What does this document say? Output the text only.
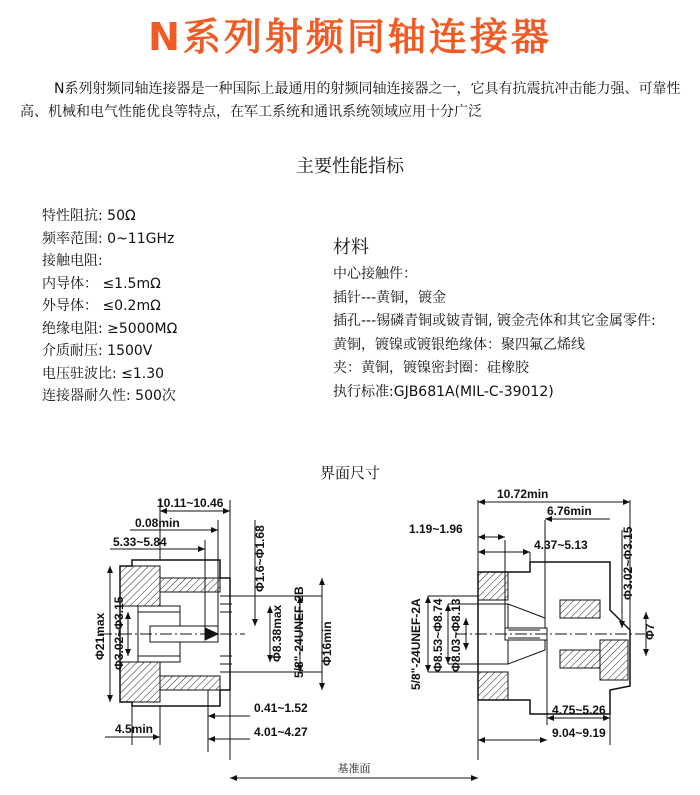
N系列射频同轴连接器
N系列射频同轴连接器是一种国际上最通用的射频同轴连接器之一，它具有抗震抗冲击能力强、可靠性高、机械和电气性能优良等特点，在军工系统和通讯系统领域应用十分广泛
主要性能指标
特性阻抗: 50Ω
频率范围: 0~11GHz
接触电阻:
内导体： ≤1.5mΩ
外导体： ≤0.2mΩ
绝缘电阻: ≥5000MΩ
介质耐压: 1500V
电压驻波比: ≤1.30
连接器耐久性: 500次
材料
中心接触件：
插针---黄铜，镀金
插孔---锡磷青铜或铍青铜, 镀金壳体和其它金属零件:
黄铜，镀镍或镀银绝缘体：聚四氟乙烯线
夹：黄铜，镀镍密封圈：硅橡胶
执行标准:GJB681A(MIL-C-39012)
界面尺寸
10.11~10.46
0.08min
5.33~5.84
4.5min
0.41~1.52
4.01~4.27
Φ21max Φ3.02~Φ3.15
Φ1.6~Φ1.68
Φ8.38max 5/8"-24UNEF-2B Φ16min
10.72min
6.76min
1.19~1.96
4.37~5.13
4.75~5.26
9.04~9.19
Φ3.02~Φ3.15
Φ7
5/8"-24UNEF-2A Φ8.53~Φ8.74 Φ8.03~Φ8.13
基准面
